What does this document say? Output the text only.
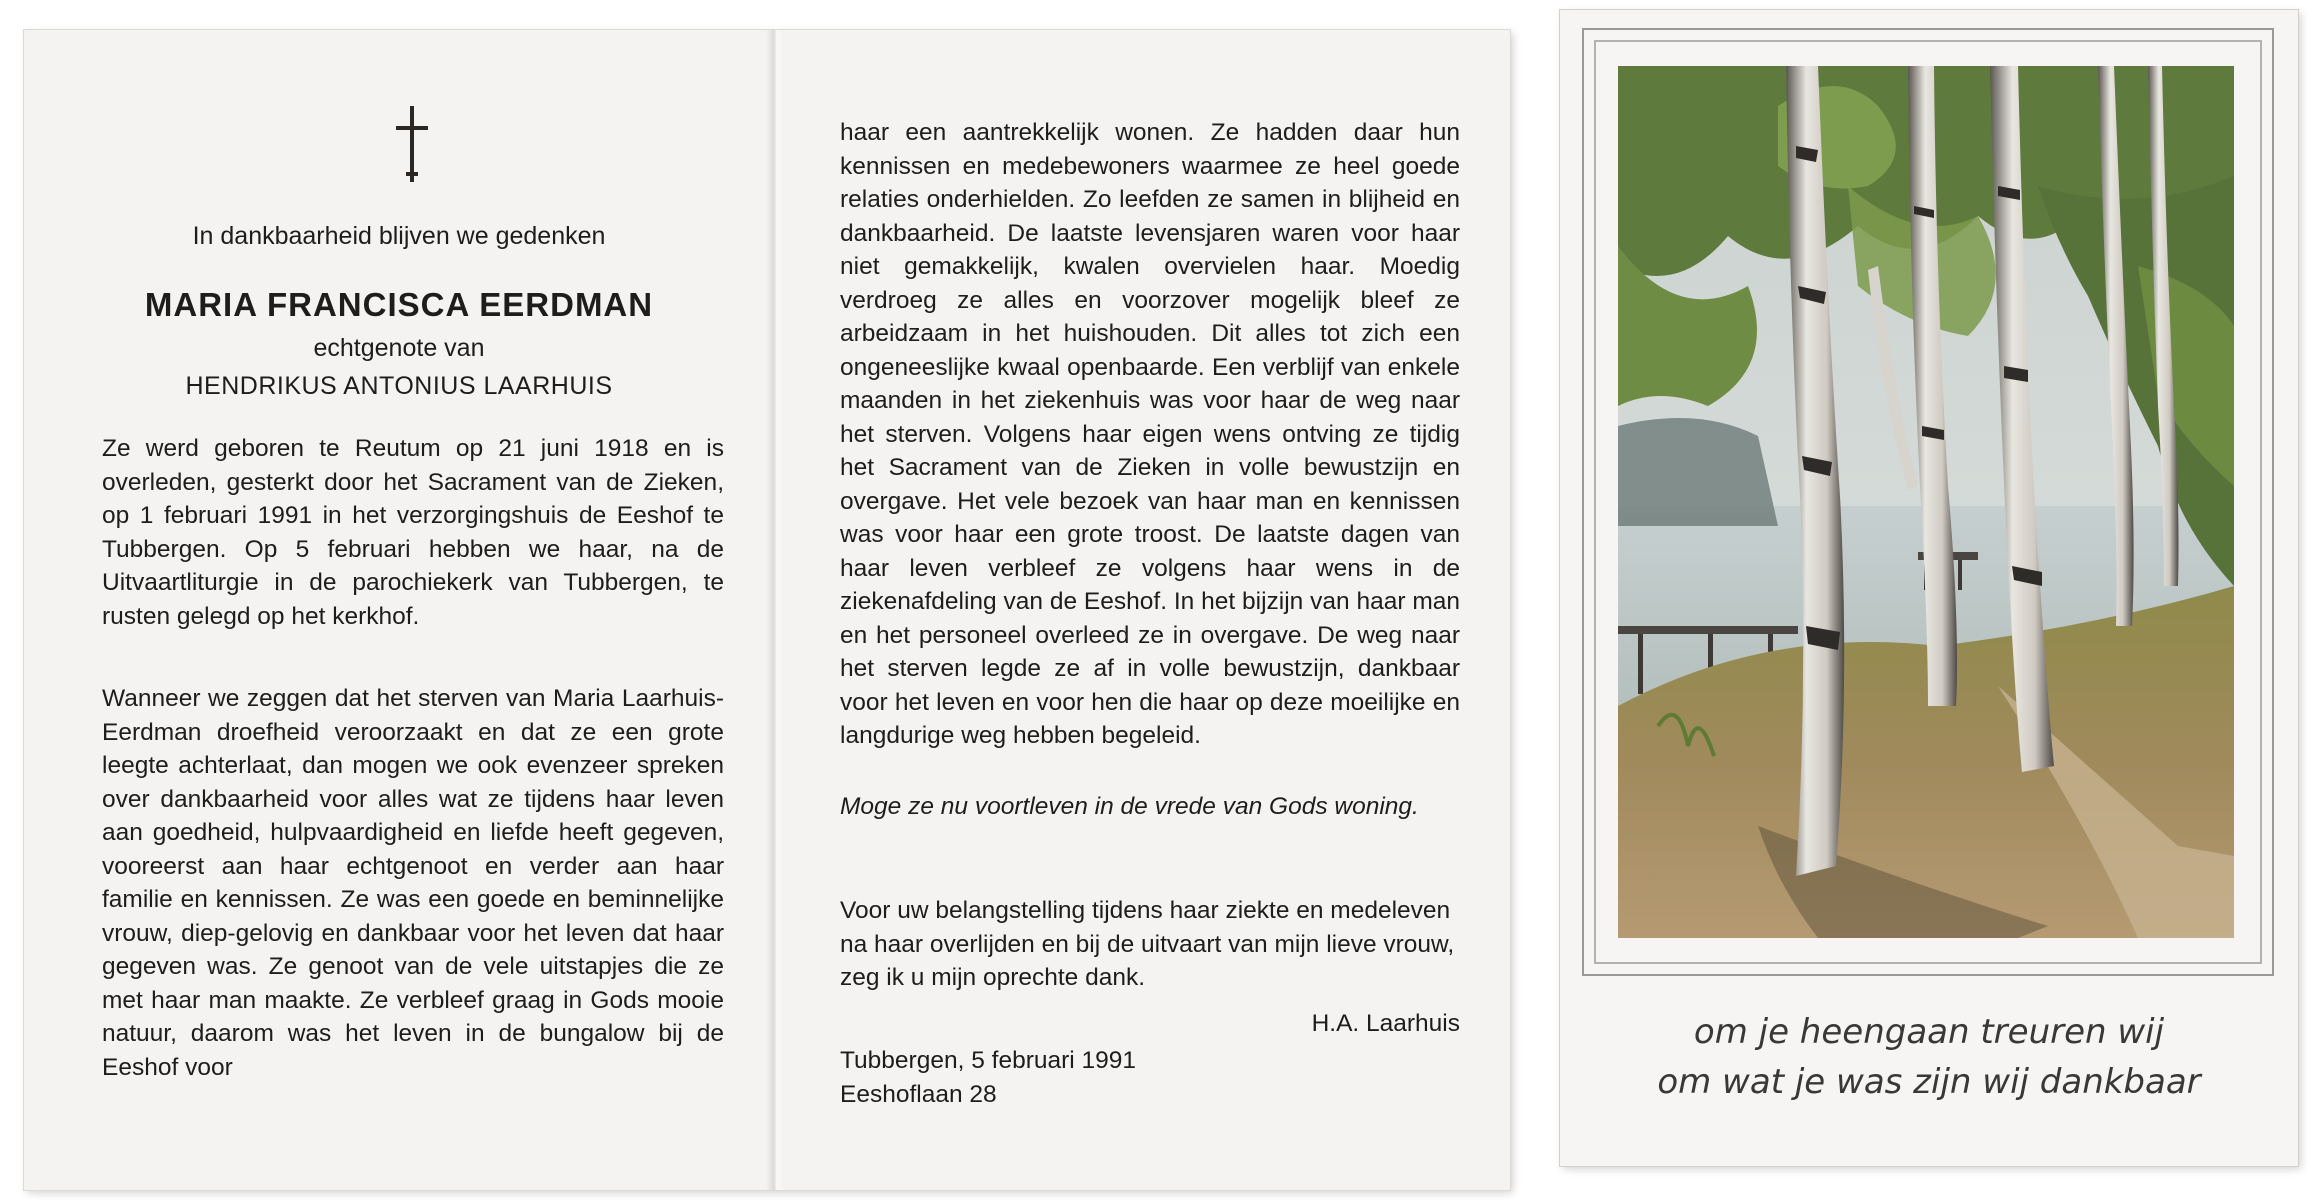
In dankbaarheid blijven we gedenken
MARIA FRANCISCA EERDMAN
echtgenote van
HENDRIKUS ANTONIUS LAARHUIS
Ze werd geboren te Reutum op 21 juni 1918 en is overleden, gesterkt door het Sacrament van de Zieken, op 1 februari 1991 in het verzorgingshuis de Eeshof te Tubbergen. Op 5 februari hebben we haar, na de Uitvaartliturgie in de parochiekerk van Tubbergen, te rusten gelegd op het kerkhof.
Wanneer we zeggen dat het sterven van Maria Laarhuis-Eerdman droefheid veroorzaakt en dat ze een grote leegte achterlaat, dan mogen we ook evenzeer spreken over dankbaarheid voor alles wat ze tijdens haar leven aan goedheid, hulpvaardigheid en liefde heeft gegeven, vooreerst aan haar echtgenoot en verder aan haar familie en kennissen. Ze was een goede en beminnelijke vrouw, diep-gelovig en dankbaar voor het leven dat haar gegeven was. Ze genoot van de vele uitstapjes die ze met haar man maakte. Ze verbleef graag in Gods mooie natuur, daarom was het leven in de bungalow bij de Eeshof voor
haar een aantrekkelijk wonen. Ze hadden daar hun kennissen en medebewoners waarmee ze heel goede relaties onderhielden. Zo leefden ze samen in blijheid en dankbaarheid. De laatste levensjaren waren voor haar niet gemakkelijk, kwalen overvielen haar. Moedig verdroeg ze alles en voorzover mogelijk bleef ze arbeidzaam in het huishouden. Dit alles tot zich een ongeneeslijke kwaal openbaarde. Een verblijf van enkele maanden in het ziekenhuis was voor haar de weg naar het sterven. Volgens haar eigen wens ontving ze tijdig het Sacrament van de Zieken in volle bewustzijn en overgave. Het vele bezoek van haar man en kennissen was voor haar een grote troost. De laatste dagen van haar leven verbleef ze volgens haar wens in de ziekenafdeling van de Eeshof. In het bijzijn van haar man en het personeel overleed ze in overgave. De weg naar het sterven legde ze af in volle bewustzijn, dankbaar voor het leven en voor hen die haar op deze moeilijke en langdurige weg hebben begeleid.
Moge ze nu voortleven in de vrede van Gods woning.
Voor uw belangstelling tijdens haar ziekte en medeleven na haar overlijden en bij de uitvaart van mijn lieve vrouw, zeg ik u mijn oprechte dank.
H.A. Laarhuis
Tubbergen, 5 februari 1991
Eeshoflaan 28
om je heengaan treuren wij
om wat je was zijn wij dankbaar
